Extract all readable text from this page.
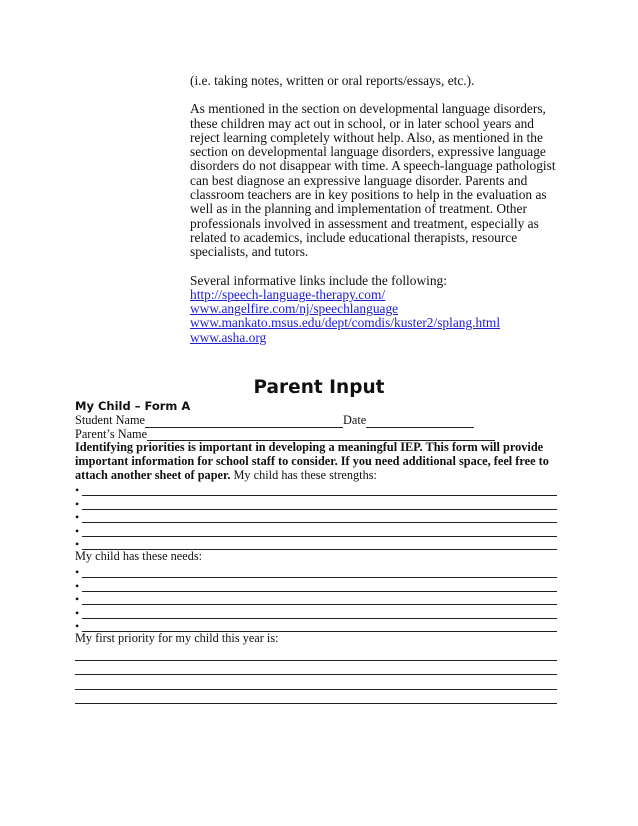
(i.e. taking notes, written or oral reports/essays, etc.).

As mentioned in the section on developmental language disorders, these children may act out in school, or in later school years and reject learning completely without help. Also, as mentioned in the section on developmental language disorders, expressive language disorders do not disappear with time. A speech-language pathologist can best diagnose an expressive language disorder. Parents and classroom teachers are in key positions to help in the evaluation as well as in the planning and implementation of treatment. Other professionals involved in assessment and treatment, especially as related to academics, include educational therapists, resource specialists, and tutors.

Several informative links include the following:
http://speech-language-therapy.com/
www.angelfire.com/nj/speechlanguage
www.mankato.msus.edu/dept/comdis/kuster2/splang.html
www.asha.org
Parent Input
My Child – Form A
Student Name	Date
Parent’s Name

Identifying priorities is important in developing a meaningful IEP. This form will provide important information for school staff to consider. If you need additional space, feel free to attach another sheet of paper. My child has these strengths:

•
•
•
•
•
My child has these needs:
•
•
•
•
•
My first priority for my child this year is:
